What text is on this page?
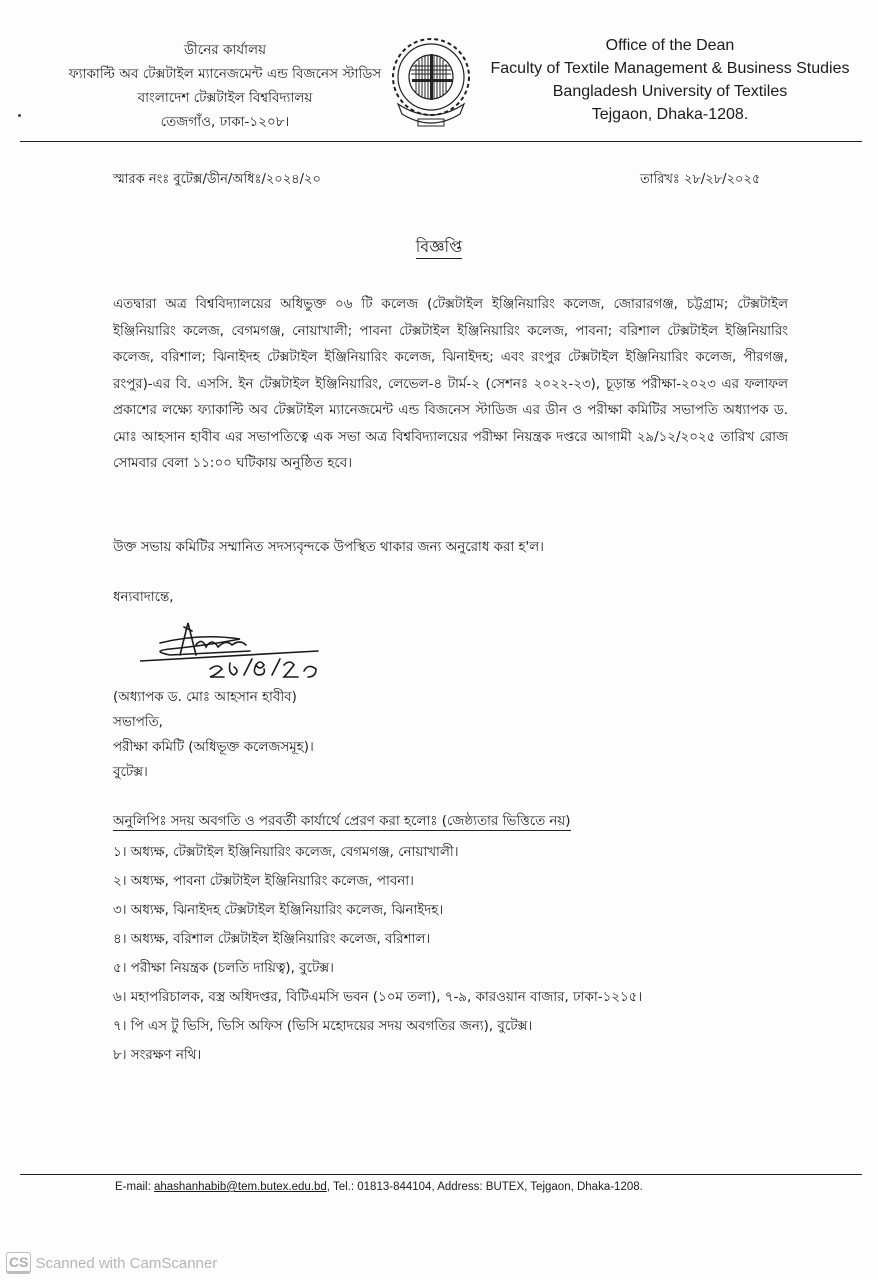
ডীনের কার্যালয়
ফ্যাকাল্টি অব টেক্সটাইল ম্যানেজমেন্ট এন্ড বিজনেস স্টাডিস
বাংলাদেশ টেক্সটাইল বিশ্ববিদ্যালয়
তেজগাঁও, ঢাকা-১২০৮।
Office of the Dean
Faculty of Textile Management & Business Studies
Bangladesh University of Textiles
Tejgaon, Dhaka-1208.
স্মারক নংঃ বুটেক্স/ডীন/অধিঃ/২০২৪/২০	তারিখঃ ২৮/২৮/২০২৫
বিজ্ঞপ্তি
এতদ্বারা অত্র বিশ্ববিদ্যালয়ের অধিভুক্ত ০৬ টি কলেজ (টেক্সটাইল ইঞ্জিনিয়ারিং কলেজ, জোরারগঞ্জ, চট্টগ্রাম; টেক্সটাইল ইঞ্জিনিয়ারিং কলেজ, বেগমগঞ্জ, নোয়াখালী; পাবনা টেক্সটাইল ইঞ্জিনিয়ারিং কলেজ, পাবনা; বরিশাল টেক্সটাইল ইঞ্জিনিয়ারিং কলেজ, বরিশাল; ঝিনাইদহ টেক্সটাইল ইঞ্জিনিয়ারিং কলেজ, ঝিনাইদহ; এবং রংপুর টেক্সটাইল ইঞ্জিনিয়ারিং কলেজ, পীরগঞ্জ, রংপুর)-এর বি. এসসি. ইন টেক্সটাইল ইঞ্জিনিয়ারিং, লেভেল-৪ টার্ম-২ (সেশনঃ ২০২২-২৩), চূড়ান্ত পরীক্ষা-২০২৩ এর ফলাফল প্রকাশের লক্ষ্যে ফ্যাকাল্টি অব টেক্সটাইল ম্যানেজমেন্ট এন্ড বিজনেস স্টাডিজ এর ডীন ও পরীক্ষা কমিটির সভাপতি অধ্যাপক ড. মোঃ আহসান হাবীব এর সভাপতিত্বে এক সভা অত্র বিশ্ববিদ্যালয়ের পরীক্ষা নিয়ন্ত্রক দপ্তরে আগামী ২৯/১২/২০২৫ তারিখ রোজ সোমবার বেলা ১১:০০ ঘটিকায় অনুষ্ঠিত হবে।
উক্ত সভায় কমিটির সম্মানিত সদস্যবৃন্দকে উপস্থিত থাকার জন্য অনুরোধ করা হ'ল।
ধন্যবাদান্তে,
(অধ্যাপক ড. মোঃ আহসান হাবীব)
সভাপতি,
পরীক্ষা কমিটি (অধিভূক্ত কলেজসমূহ)।
বুটেক্স।
অনুলিপিঃ সদয় অবগতি ও পরবর্তী কার্যার্থে প্রেরণ করা হলোঃ (জেষ্ঠ্যতার ভিত্তিতে নয়)
১। অধ্যক্ষ, টেক্সটাইল ইঞ্জিনিয়ারিং কলেজ, বেগমগঞ্জ, নোয়াখালী।
২। অধ্যক্ষ, পাবনা টেক্সটাইল ইঞ্জিনিয়ারিং কলেজ, পাবনা।
৩। অধ্যক্ষ, ঝিনাইদহ টেক্সটাইল ইঞ্জিনিয়ারিং কলেজ, ঝিনাইদহ।
৪। অধ্যক্ষ, বরিশাল টেক্সটাইল ইঞ্জিনিয়ারিং কলেজ, বরিশাল।
৫। পরীক্ষা নিয়ন্ত্রক (চলতি দায়িত্ব), বুটেক্স।
৬। মহাপরিচালক, বস্ত্র অধিদপ্তর, বিটিএমসি ভবন (১০ম তলা), ৭-৯, কারওয়ান বাজার, ঢাকা-১২১৫।
৭। পি এস টু ভিসি, ভিসি অফিস (ভিসি মহোদয়ের সদয় অবগতির জন্য), বুটেক্স।
৮। সংরক্ষণ নথি।
E-mail: ahashanhabib@tem.butex.edu.bd, Tel.: 01813-844104, Address: BUTEX, Tejgaon, Dhaka-1208.
CS Scanned with CamScanner
